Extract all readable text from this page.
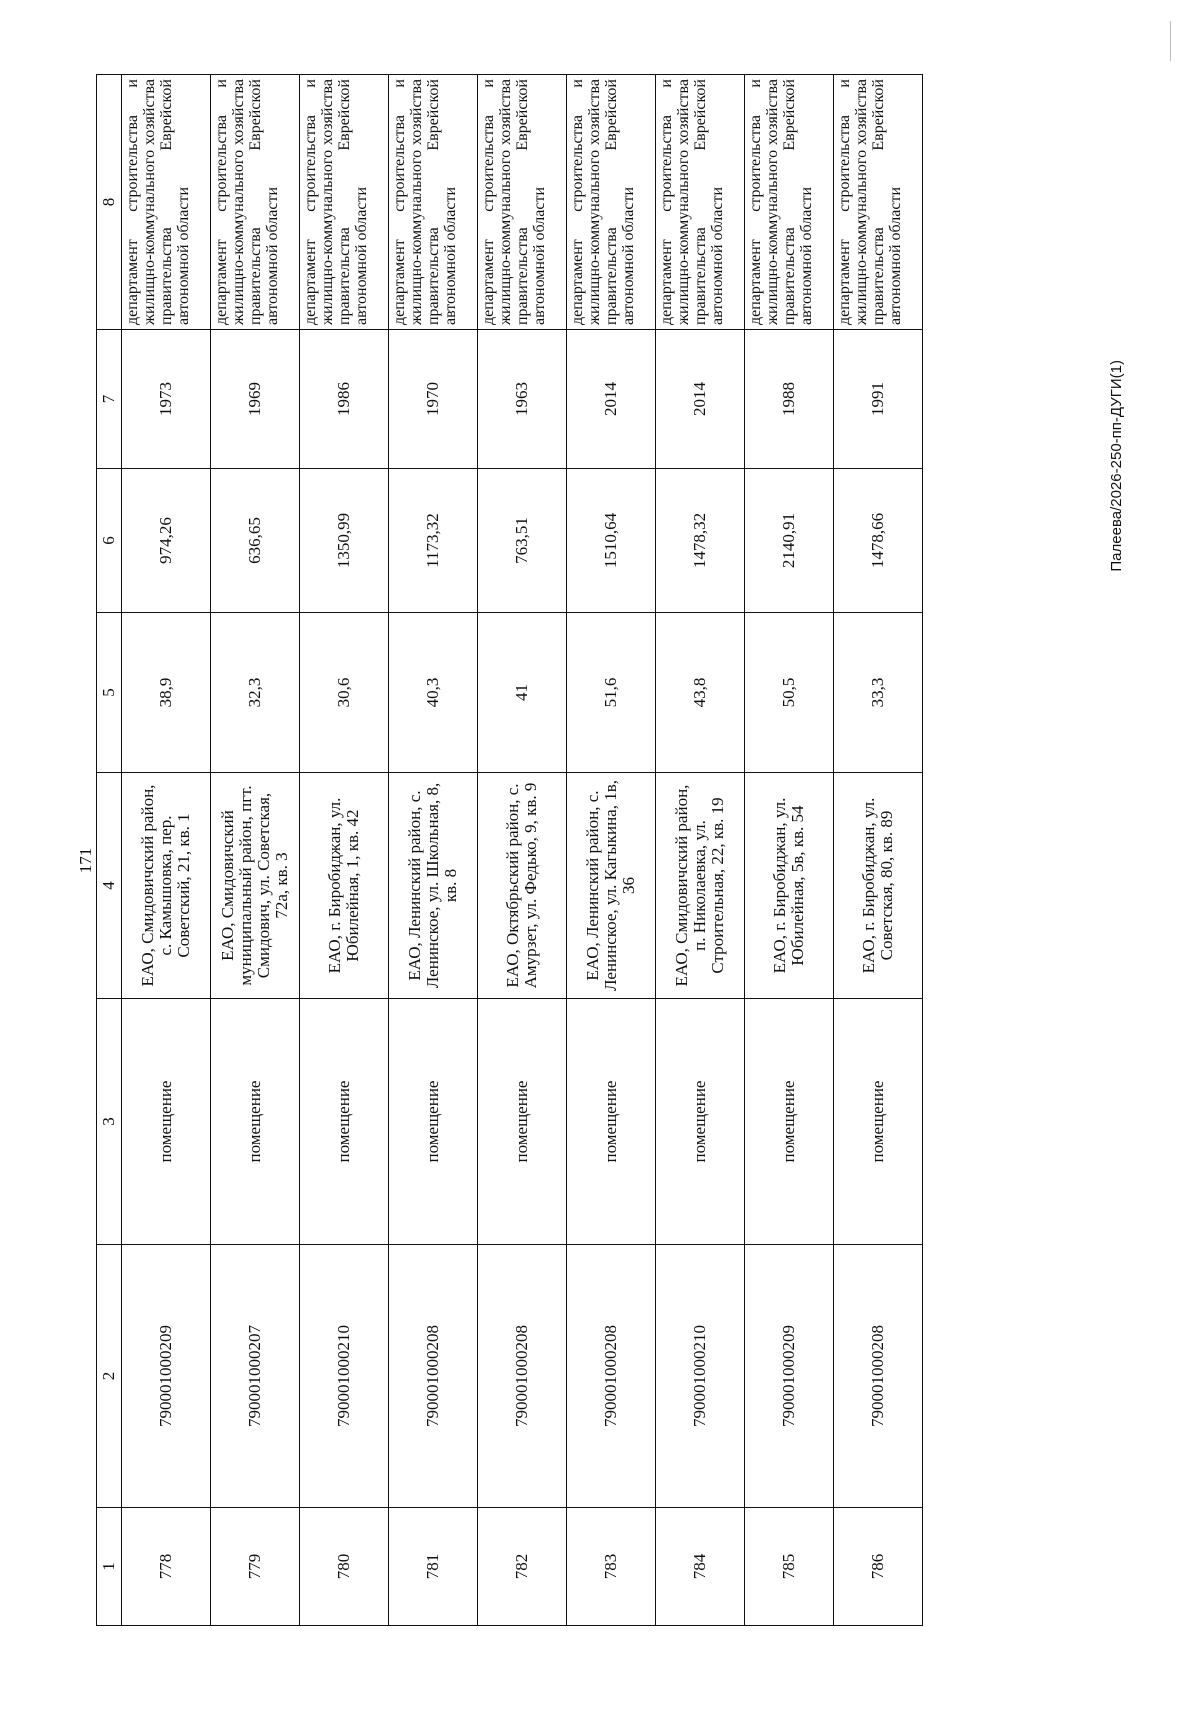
171
1	2	3	4	5	6	7	8
778	790001000209	помещение	ЕАО, Смидовичский район, с. Камышовка, пер. Советский, 21, кв. 1	38,9	974,26	1973	департамент строительства и жилищно-коммунального хозяйства правительства Еврейской автономной области
779	790001000207	помещение	ЕАО, Смидовичский муниципальный район, пгт. Смидович, ул. Советская, 72а, кв. 3	32,3	636,65	1969	департамент строительства и жилищно-коммунального хозяйства правительства Еврейской автономной области
780	790001000210	помещение	ЕАО, г. Биробиджан, ул. Юбилейная, 1, кв. 42	30,6	1350,99	1986	департамент строительства и жилищно-коммунального хозяйства правительства Еврейской автономной области
781	790001000208	помещение	ЕАО, Ленинский район, с. Ленинское, ул. Школьная, 8, кв. 8	40,3	1173,32	1970	департамент строительства и жилищно-коммунального хозяйства правительства Еврейской автономной области
782	790001000208	помещение	ЕАО, Октябрьский район, с. Амурзет, ул. Федько, 9, кв. 9	41	763,51	1963	департамент строительства и жилищно-коммунального хозяйства правительства Еврейской автономной области
783	790001000208	помещение	ЕАО, Ленинский район, с. Ленинское, ул. Кагыкина, 1в, 36	51,6	1510,64	2014	департамент строительства и жилищно-коммунального хозяйства правительства Еврейской автономной области
784	790001000210	помещение	ЕАО, Смидовичский район, п. Николаевка, ул. Строительная, 22, кв. 19	43,8	1478,32	2014	департамент строительства и жилищно-коммунального хозяйства правительства Еврейской автономной области
785	790001000209	помещение	ЕАО, г. Биробиджан, ул. Юбилейная, 5в, кв. 54	50,5	2140,91	1988	департамент строительства и жилищно-коммунального хозяйства правительства Еврейской автономной области
786	790001000208	помещение	ЕАО, г. Биробиджан, ул. Советская, 80, кв. 89	33,3	1478,66	1991	департамент строительства и жилищно-коммунального хозяйства правительства Еврейской автономной области
Палеева/2026-250-пп-ДУГИ(1)
